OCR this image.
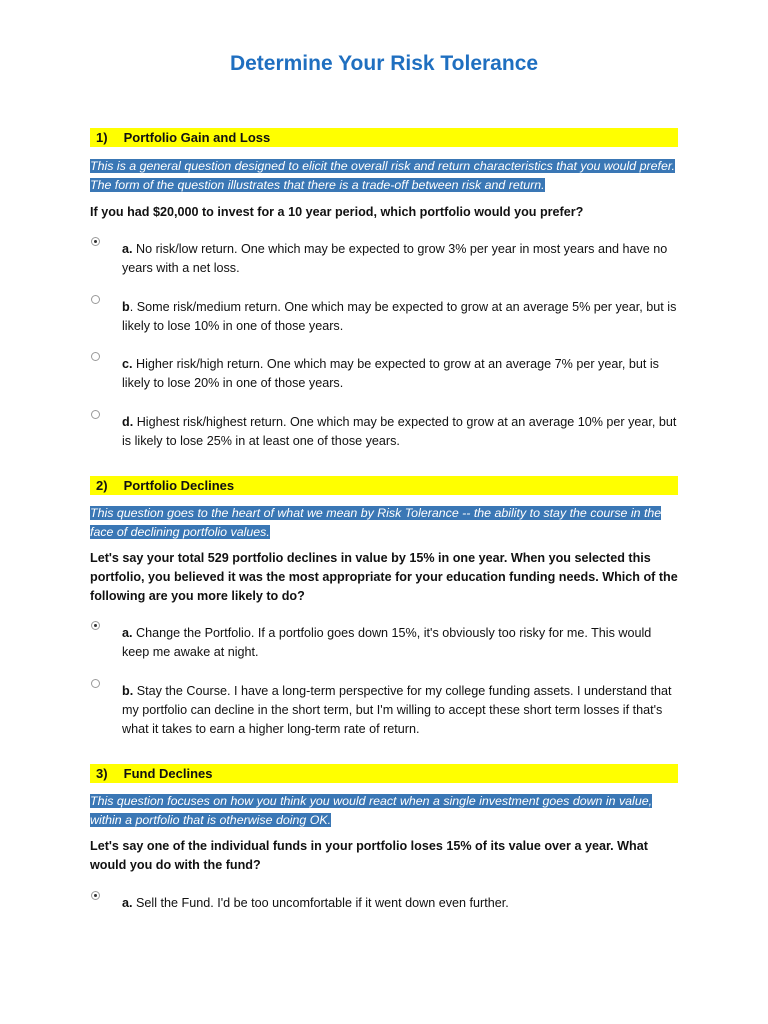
Determine Your Risk Tolerance
1) Portfolio Gain and Loss
This is a general question designed to elicit the overall risk and return characteristics that you would prefer. The form of the question illustrates that there is a trade-off between risk and return.
If you had $20,000 to invest for a 10 year period, which portfolio would you prefer?
a. No risk/low return. One which may be expected to grow 3% per year in most years and have no years with a net loss.
b. Some risk/medium return. One which may be expected to grow at an average 5% per year, but is likely to lose 10% in one of those years.
c. Higher risk/high return. One which may be expected to grow at an average 7% per year, but is likely to lose 20% in one of those years.
d. Highest risk/highest return. One which may be expected to grow at an average 10% per year, but is likely to lose 25% in at least one of those years.
2) Portfolio Declines
This question goes to the heart of what we mean by Risk Tolerance -- the ability to stay the course in the face of declining portfolio values.
Let's say your total 529 portfolio declines in value by 15% in one year. When you selected this portfolio, you believed it was the most appropriate for your education funding needs. Which of the following are you more likely to do?
a. Change the Portfolio. If a portfolio goes down 15%, it's obviously too risky for me. This would keep me awake at night.
b. Stay the Course. I have a long-term perspective for my college funding assets. I understand that my portfolio can decline in the short term, but I'm willing to accept these short term losses if that's what it takes to earn a higher long-term rate of return.
3) Fund Declines
This question focuses on how you think you would react when a single investment goes down in value, within a portfolio that is otherwise doing OK.
Let's say one of the individual funds in your portfolio loses 15% of its value over a year. What would you do with the fund?
a. Sell the Fund. I'd be too uncomfortable if it went down even further.
